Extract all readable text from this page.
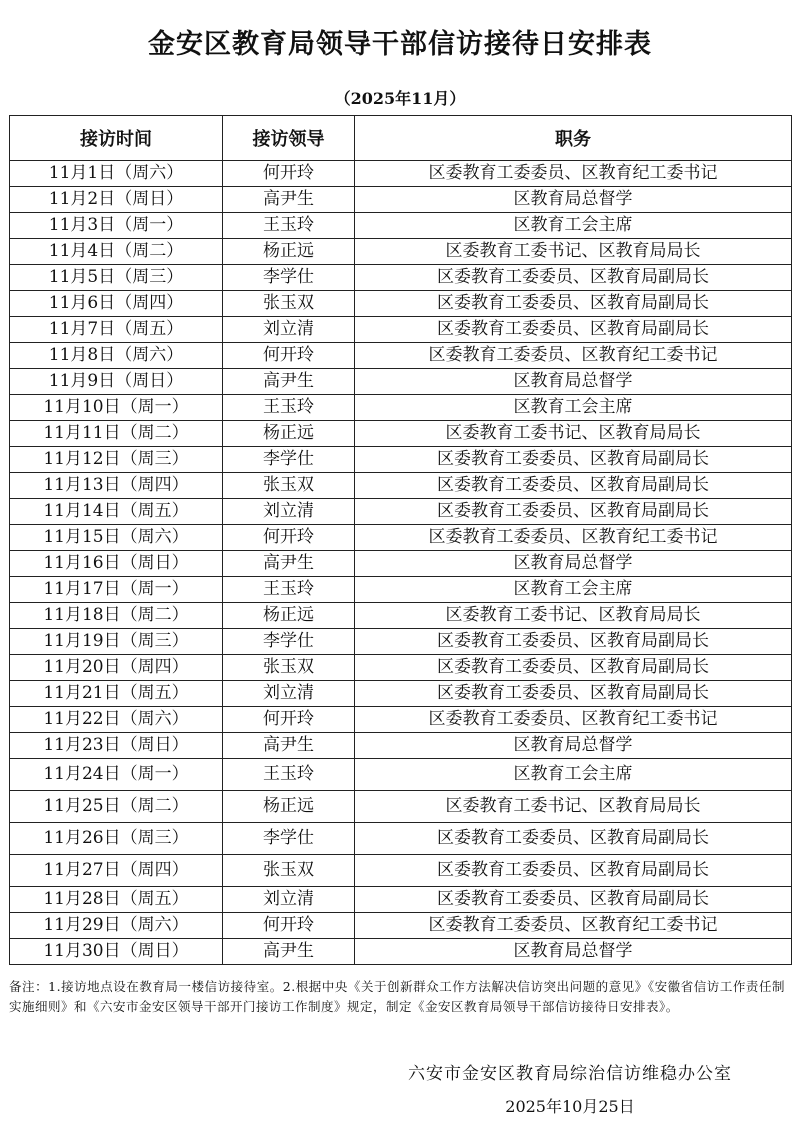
金安区教育局领导干部信访接待日安排表
（2025年11月）
接访时间	接访领导	职务
11月1日（周六）	何开玲	区委教育工委委员、区教育纪工委书记
11月2日（周日）	高尹生	区教育局总督学
11月3日（周一）	王玉玲	区教育工会主席
11月4日（周二）	杨正远	区委教育工委书记、区教育局局长
11月5日（周三）	李学仕	区委教育工委委员、区教育局副局长
11月6日（周四）	张玉双	区委教育工委委员、区教育局副局长
11月7日（周五）	刘立清	区委教育工委委员、区教育局副局长
11月8日（周六）	何开玲	区委教育工委委员、区教育纪工委书记
11月9日（周日）	高尹生	区教育局总督学
11月10日（周一）	王玉玲	区教育工会主席
11月11日（周二）	杨正远	区委教育工委书记、区教育局局长
11月12日（周三）	李学仕	区委教育工委委员、区教育局副局长
11月13日（周四）	张玉双	区委教育工委委员、区教育局副局长
11月14日（周五）	刘立清	区委教育工委委员、区教育局副局长
11月15日（周六）	何开玲	区委教育工委委员、区教育纪工委书记
11月16日（周日）	高尹生	区教育局总督学
11月17日（周一）	王玉玲	区教育工会主席
11月18日（周二）	杨正远	区委教育工委书记、区教育局局长
11月19日（周三）	李学仕	区委教育工委委员、区教育局副局长
11月20日（周四）	张玉双	区委教育工委委员、区教育局副局长
11月21日（周五）	刘立清	区委教育工委委员、区教育局副局长
11月22日（周六）	何开玲	区委教育工委委员、区教育纪工委书记
11月23日（周日）	高尹生	区教育局总督学
11月24日（周一）	王玉玲	区教育工会主席
11月25日（周二）	杨正远	区委教育工委书记、区教育局局长
11月26日（周三）	李学仕	区委教育工委委员、区教育局副局长
11月27日（周四）	张玉双	区委教育工委委员、区教育局副局长
11月28日（周五）	刘立清	区委教育工委委员、区教育局副局长
11月29日（周六）	何开玲	区委教育工委委员、区教育纪工委书记
11月30日（周日）	高尹生	区教育局总督学
备注：1.接访地点设在教育局一楼信访接待室。2.根据中央《关于创新群众工作方法解决信访突出问题的意见》《安徽省信访工作责任制实施细则》和《六安市金安区领导干部开门接访工作制度》规定，制定《金安区教育局领导干部信访接待日安排表》。
六安市金安区教育局综治信访维稳办公室
2025年10月25日
